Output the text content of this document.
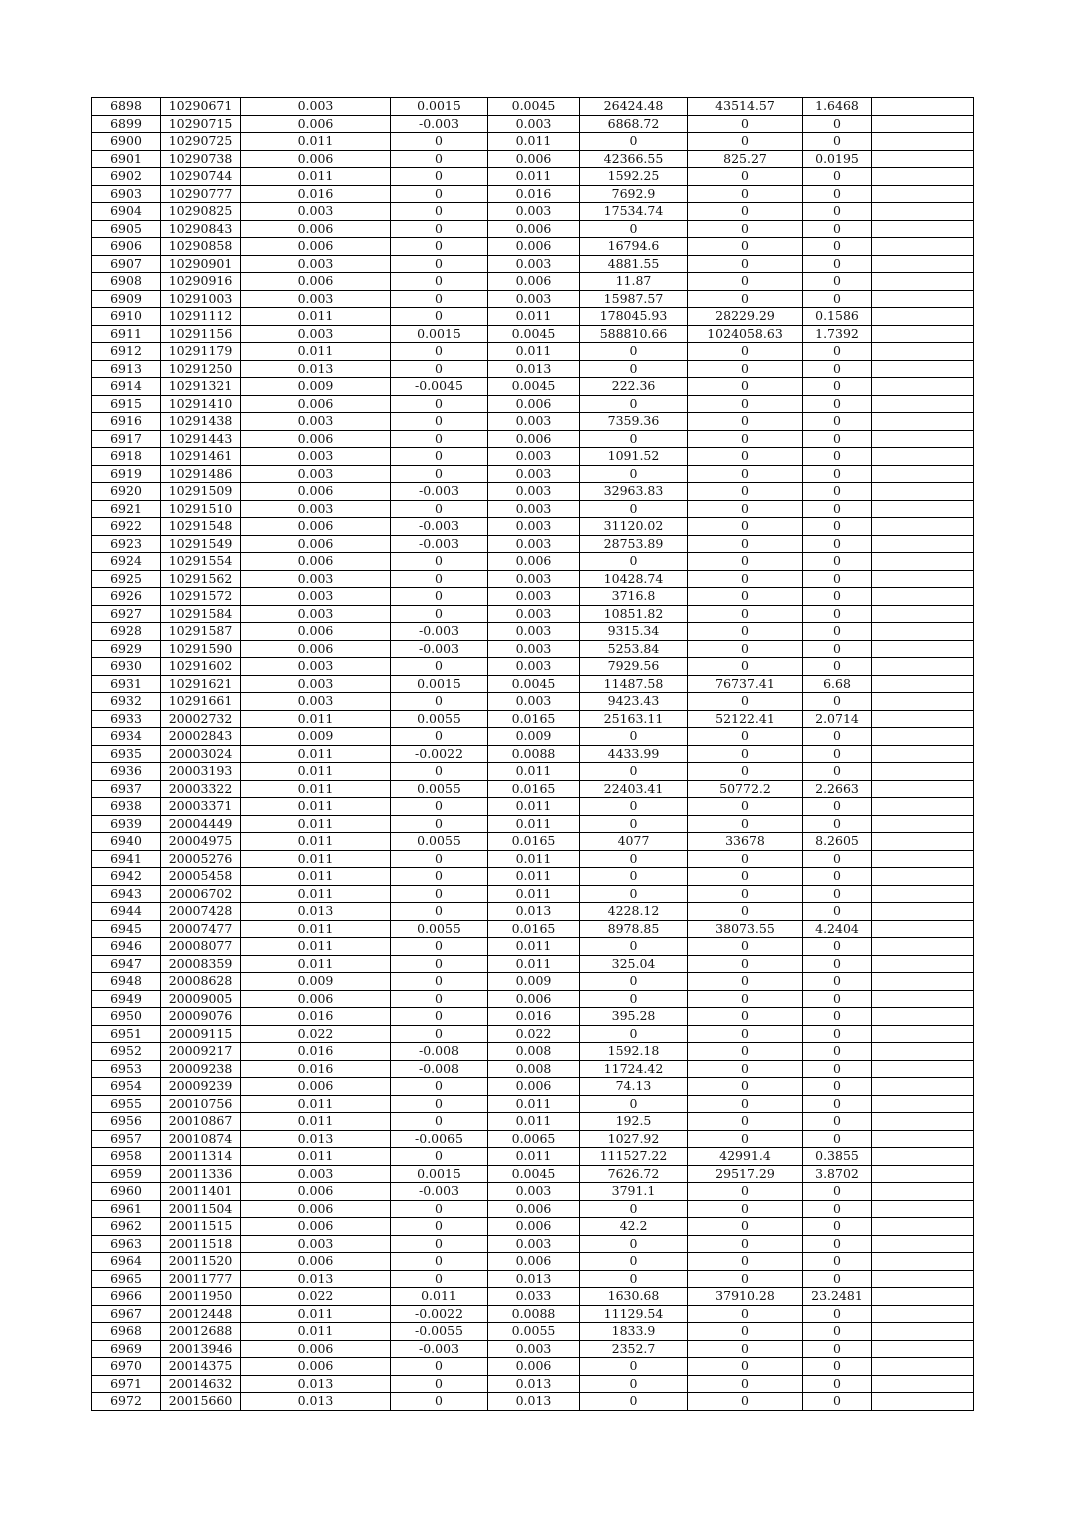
6898	10290671	0.003	0.0015	0.0045	26424.48	43514.57	1.6468	
6899	10290715	0.006	-0.003	0.003	6868.72	0	0	
6900	10290725	0.011	0	0.011	0	0	0	
6901	10290738	0.006	0	0.006	42366.55	825.27	0.0195	
6902	10290744	0.011	0	0.011	1592.25	0	0	
6903	10290777	0.016	0	0.016	7692.9	0	0	
6904	10290825	0.003	0	0.003	17534.74	0	0	
6905	10290843	0.006	0	0.006	0	0	0	
6906	10290858	0.006	0	0.006	16794.6	0	0	
6907	10290901	0.003	0	0.003	4881.55	0	0	
6908	10290916	0.006	0	0.006	11.87	0	0	
6909	10291003	0.003	0	0.003	15987.57	0	0	
6910	10291112	0.011	0	0.011	178045.93	28229.29	0.1586	
6911	10291156	0.003	0.0015	0.0045	588810.66	1024058.63	1.7392	
6912	10291179	0.011	0	0.011	0	0	0	
6913	10291250	0.013	0	0.013	0	0	0	
6914	10291321	0.009	-0.0045	0.0045	222.36	0	0	
6915	10291410	0.006	0	0.006	0	0	0	
6916	10291438	0.003	0	0.003	7359.36	0	0	
6917	10291443	0.006	0	0.006	0	0	0	
6918	10291461	0.003	0	0.003	1091.52	0	0	
6919	10291486	0.003	0	0.003	0	0	0	
6920	10291509	0.006	-0.003	0.003	32963.83	0	0	
6921	10291510	0.003	0	0.003	0	0	0	
6922	10291548	0.006	-0.003	0.003	31120.02	0	0	
6923	10291549	0.006	-0.003	0.003	28753.89	0	0	
6924	10291554	0.006	0	0.006	0	0	0	
6925	10291562	0.003	0	0.003	10428.74	0	0	
6926	10291572	0.003	0	0.003	3716.8	0	0	
6927	10291584	0.003	0	0.003	10851.82	0	0	
6928	10291587	0.006	-0.003	0.003	9315.34	0	0	
6929	10291590	0.006	-0.003	0.003	5253.84	0	0	
6930	10291602	0.003	0	0.003	7929.56	0	0	
6931	10291621	0.003	0.0015	0.0045	11487.58	76737.41	6.68	
6932	10291661	0.003	0	0.003	9423.43	0	0	
6933	20002732	0.011	0.0055	0.0165	25163.11	52122.41	2.0714	
6934	20002843	0.009	0	0.009	0	0	0	
6935	20003024	0.011	-0.0022	0.0088	4433.99	0	0	
6936	20003193	0.011	0	0.011	0	0	0	
6937	20003322	0.011	0.0055	0.0165	22403.41	50772.2	2.2663	
6938	20003371	0.011	0	0.011	0	0	0	
6939	20004449	0.011	0	0.011	0	0	0	
6940	20004975	0.011	0.0055	0.0165	4077	33678	8.2605	
6941	20005276	0.011	0	0.011	0	0	0	
6942	20005458	0.011	0	0.011	0	0	0	
6943	20006702	0.011	0	0.011	0	0	0	
6944	20007428	0.013	0	0.013	4228.12	0	0	
6945	20007477	0.011	0.0055	0.0165	8978.85	38073.55	4.2404	
6946	20008077	0.011	0	0.011	0	0	0	
6947	20008359	0.011	0	0.011	325.04	0	0	
6948	20008628	0.009	0	0.009	0	0	0	
6949	20009005	0.006	0	0.006	0	0	0	
6950	20009076	0.016	0	0.016	395.28	0	0	
6951	20009115	0.022	0	0.022	0	0	0	
6952	20009217	0.016	-0.008	0.008	1592.18	0	0	
6953	20009238	0.016	-0.008	0.008	11724.42	0	0	
6954	20009239	0.006	0	0.006	74.13	0	0	
6955	20010756	0.011	0	0.011	0	0	0	
6956	20010867	0.011	0	0.011	192.5	0	0	
6957	20010874	0.013	-0.0065	0.0065	1027.92	0	0	
6958	20011314	0.011	0	0.011	111527.22	42991.4	0.3855	
6959	20011336	0.003	0.0015	0.0045	7626.72	29517.29	3.8702	
6960	20011401	0.006	-0.003	0.003	3791.1	0	0	
6961	20011504	0.006	0	0.006	0	0	0	
6962	20011515	0.006	0	0.006	42.2	0	0	
6963	20011518	0.003	0	0.003	0	0	0	
6964	20011520	0.006	0	0.006	0	0	0	
6965	20011777	0.013	0	0.013	0	0	0	
6966	20011950	0.022	0.011	0.033	1630.68	37910.28	23.2481	
6967	20012448	0.011	-0.0022	0.0088	11129.54	0	0	
6968	20012688	0.011	-0.0055	0.0055	1833.9	0	0	
6969	20013946	0.006	-0.003	0.003	2352.7	0	0	
6970	20014375	0.006	0	0.006	0	0	0	
6971	20014632	0.013	0	0.013	0	0	0	
6972	20015660	0.013	0	0.013	0	0	0	
